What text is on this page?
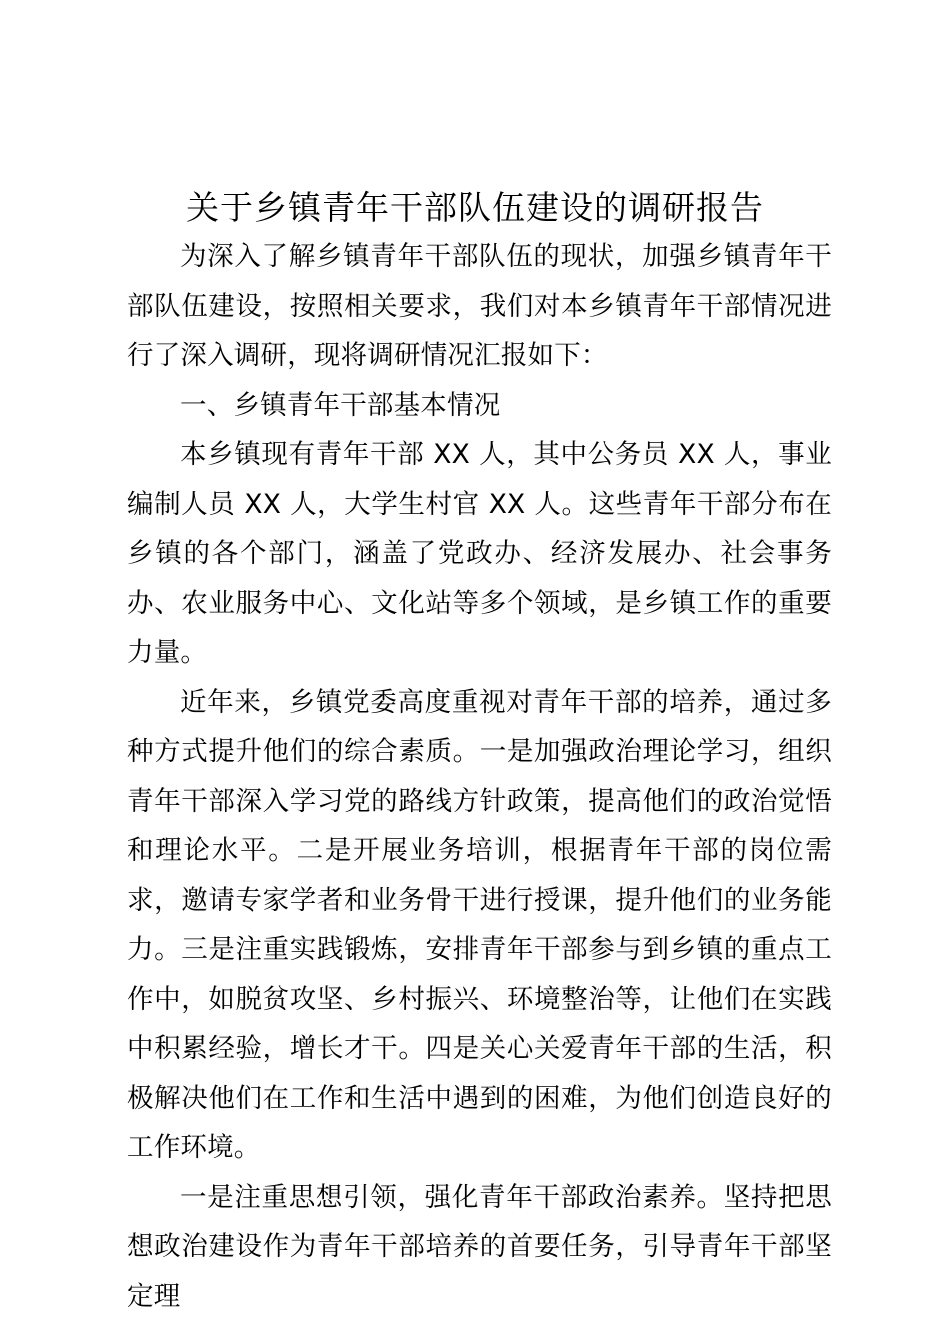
关于乡镇青年干部队伍建设的调研报告

为深入了解乡镇青年干部队伍的现状，加强乡镇青年干部队伍建设，按照相关要求，我们对本乡镇青年干部情况进行了深入调研，现将调研情况汇报如下：

一、乡镇青年干部基本情况

本乡镇现有青年干部 XX 人，其中公务员 XX 人，事业编制人员 XX 人，大学生村官 XX 人。这些青年干部分布在乡镇的各个部门，涵盖了党政办、经济发展办、社会事务办、农业服务中心、文化站等多个领域，是乡镇工作的重要力量。

近年来，乡镇党委高度重视对青年干部的培养，通过多种方式提升他们的综合素质。一是加强政治理论学习，组织青年干部深入学习党的路线方针政策，提高他们的政治觉悟和理论水平。二是开展业务培训，根据青年干部的岗位需求，邀请专家学者和业务骨干进行授课，提升他们的业务能力。三是注重实践锻炼，安排青年干部参与到乡镇的重点工作中，如脱贫攻坚、乡村振兴、环境整治等，让他们在实践中积累经验，增长才干。四是关心关爱青年干部的生活，积极解决他们在工作和生活中遇到的困难，为他们创造良好的工作环境。

一是注重思想引领，强化青年干部政治素养。坚持把思想政治建设作为青年干部培养的首要任务，引导青年干部坚定理
